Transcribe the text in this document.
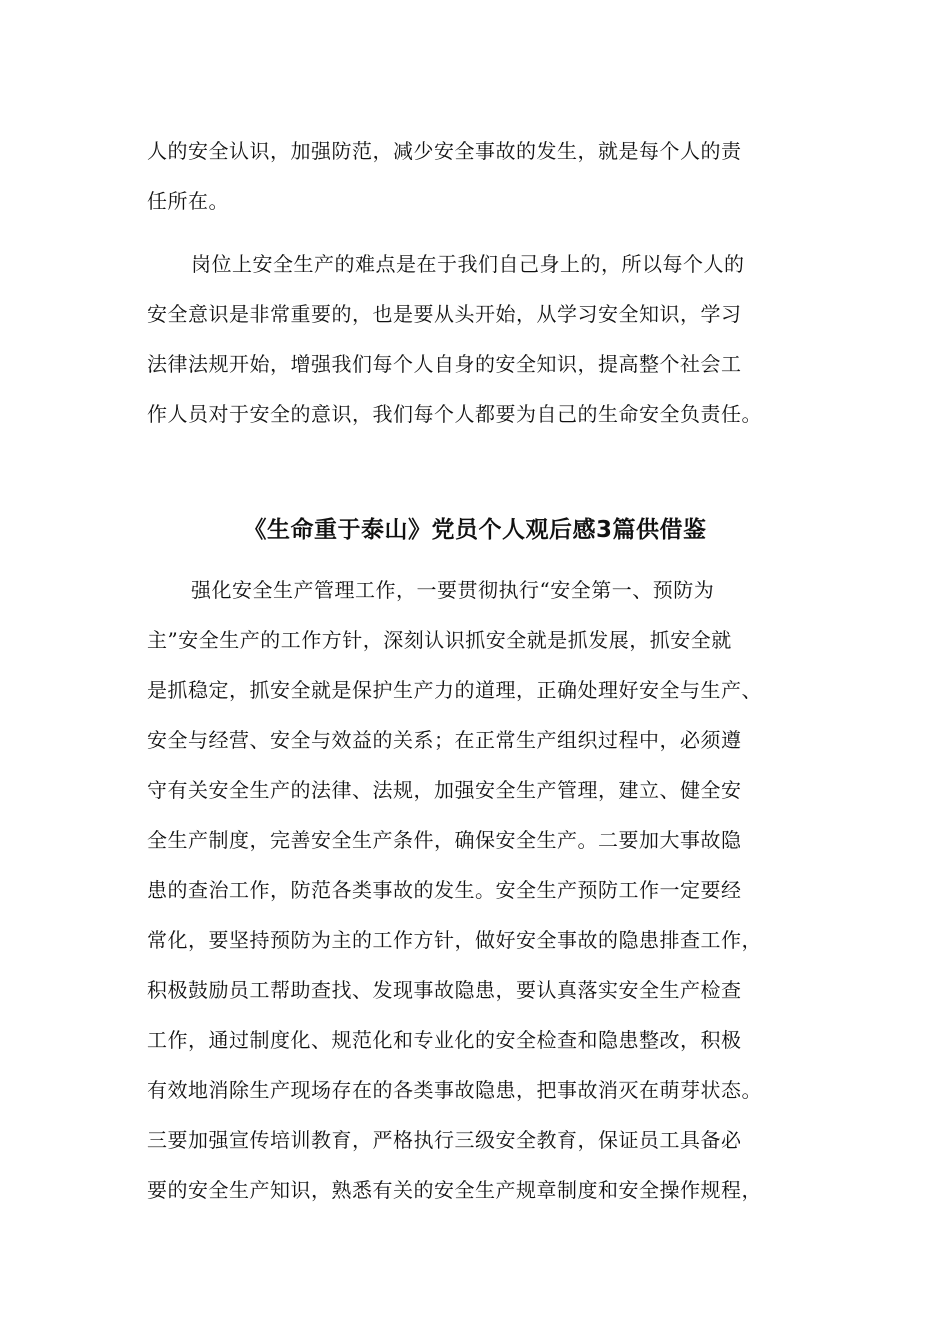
人的安全认识，加强防范，减少安全事故的发生，就是每个人的责
任所在。
岗位上安全生产的难点是在于我们自己身上的，所以每个人的
安全意识是非常重要的，也是要从头开始，从学习安全知识，学习
法律法规开始，增强我们每个人自身的安全知识，提高整个社会工
作人员对于安全的意识，我们每个人都要为自己的生命安全负责任。
《生命重于泰山》党员个人观后感3篇供借鉴
强化安全生产管理工作，一要贯彻执行“安全第一、预防为
主”安全生产的工作方针，深刻认识抓安全就是抓发展，抓安全就
是抓稳定，抓安全就是保护生产力的道理，正确处理好安全与生产、
安全与经营、安全与效益的关系；在正常生产组织过程中，必须遵
守有关安全生产的法律、法规，加强安全生产管理，建立、健全安
全生产制度，完善安全生产条件，确保安全生产。二要加大事故隐
患的查治工作，防范各类事故的发生。安全生产预防工作一定要经
常化，要坚持预防为主的工作方针，做好安全事故的隐患排查工作，
积极鼓励员工帮助查找、发现事故隐患，要认真落实安全生产检查
工作，通过制度化、规范化和专业化的安全检查和隐患整改，积极
有效地消除生产现场存在的各类事故隐患，把事故消灭在萌芽状态。
三要加强宣传培训教育，严格执行三级安全教育，保证员工具备必
要的安全生产知识，熟悉有关的安全生产规章制度和安全操作规程，
